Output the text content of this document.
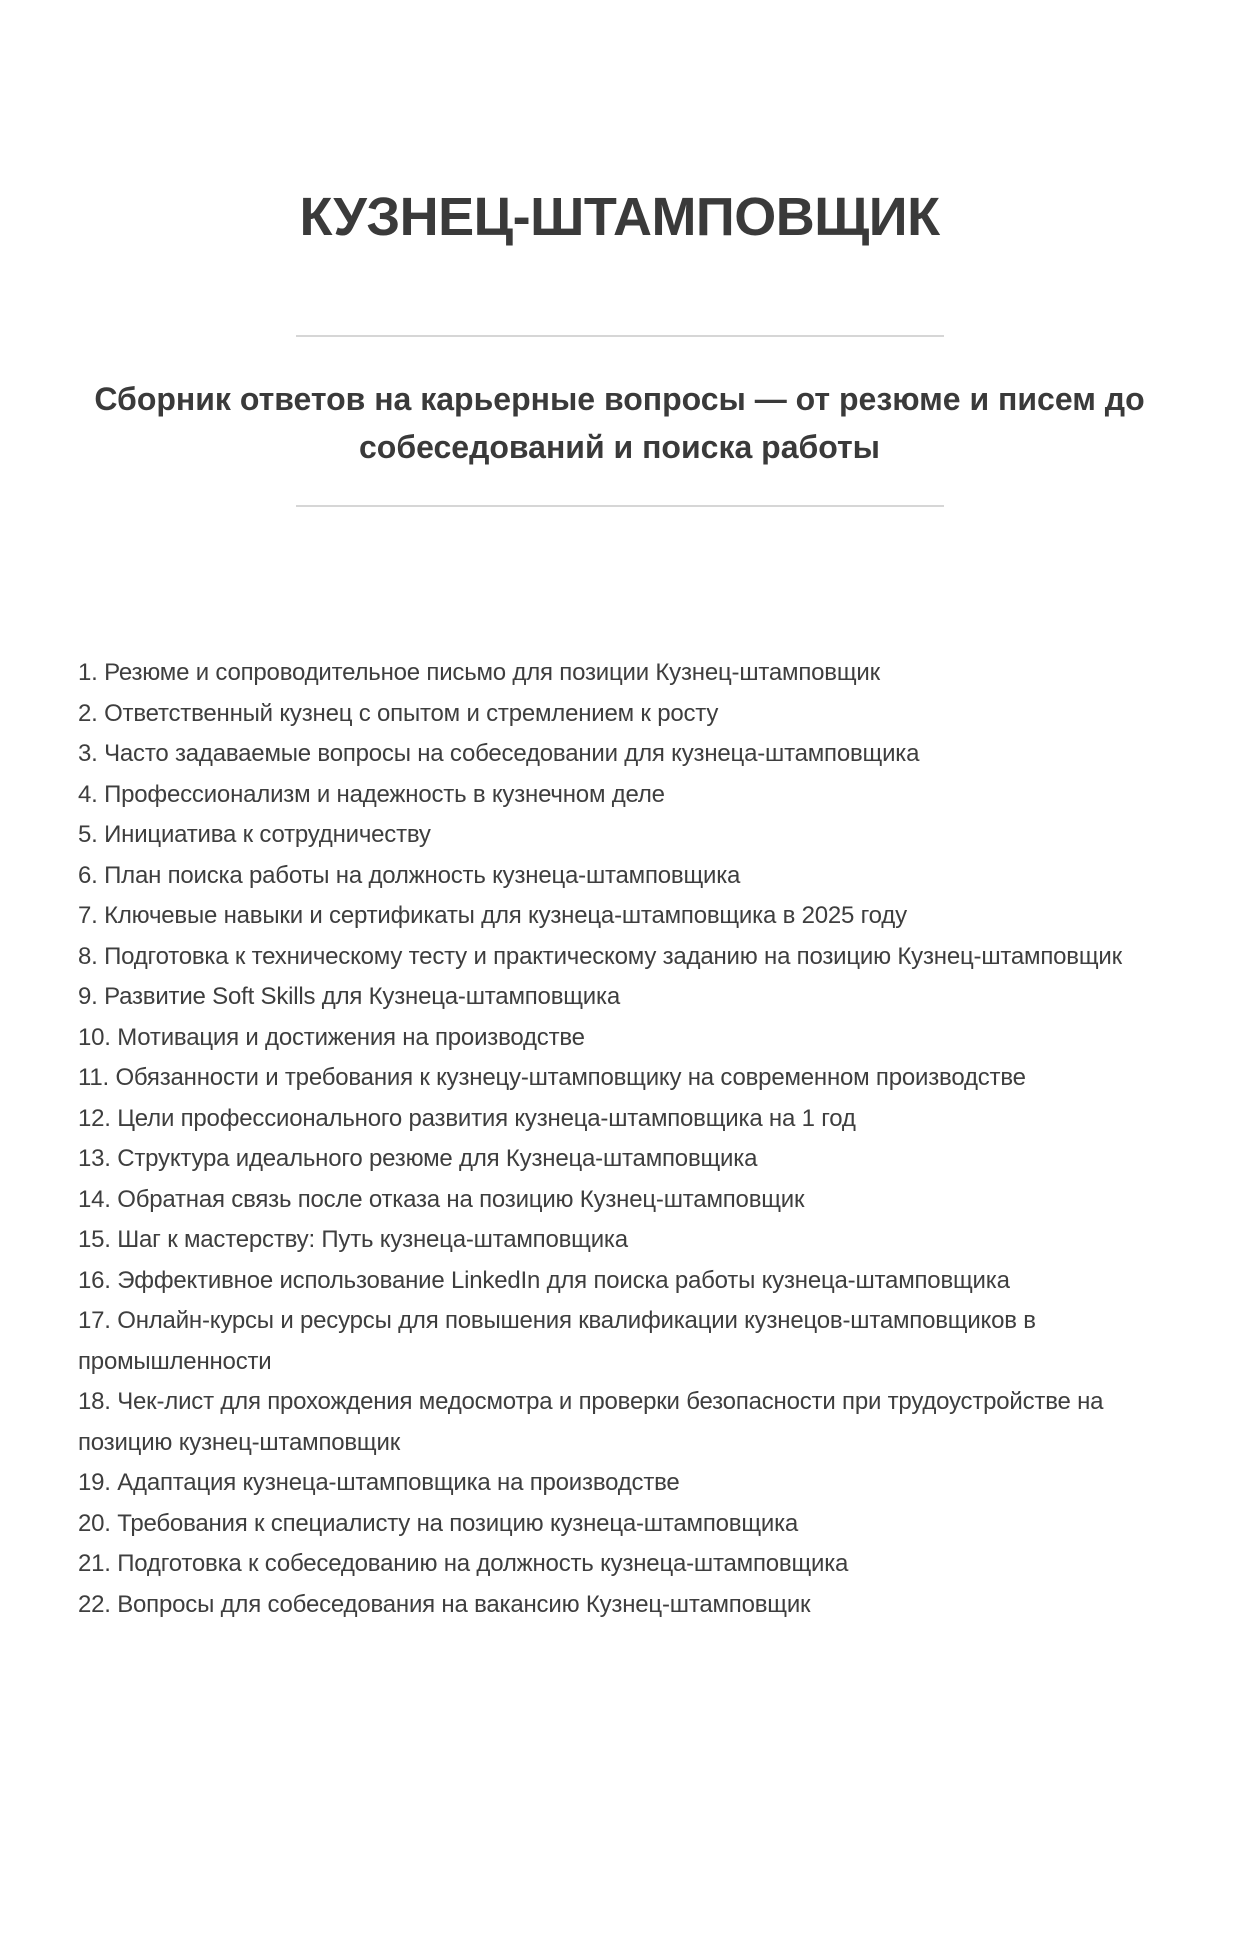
КУЗНЕЦ-ШТАМПОВЩИК
Сборник ответов на карьерные вопросы — от резюме и писем до собеседований и поиска работы
1. Резюме и сопроводительное письмо для позиции Кузнец-штамповщик
2. Ответственный кузнец с опытом и стремлением к росту
3. Часто задаваемые вопросы на собеседовании для кузнеца-штамповщика
4. Профессионализм и надежность в кузнечном деле
5. Инициатива к сотрудничеству
6. План поиска работы на должность кузнеца-штамповщика
7. Ключевые навыки и сертификаты для кузнеца-штамповщика в 2025 году
8. Подготовка к техническому тесту и практическому заданию на позицию Кузнец-штамповщик
9. Развитие Soft Skills для Кузнеца-штамповщика
10. Мотивация и достижения на производстве
11. Обязанности и требования к кузнецу-штамповщику на современном производстве
12. Цели профессионального развития кузнеца-штамповщика на 1 год
13. Структура идеального резюме для Кузнеца-штамповщика
14. Обратная связь после отказа на позицию Кузнец-штамповщик
15. Шаг к мастерству: Путь кузнеца-штамповщика
16. Эффективное использование LinkedIn для поиска работы кузнеца-штамповщика
17. Онлайн-курсы и ресурсы для повышения квалификации кузнецов-штамповщиков в промышленности
18. Чек-лист для прохождения медосмотра и проверки безопасности при трудоустройстве на позицию кузнец-штамповщик
19. Адаптация кузнеца-штамповщика на производстве
20. Требования к специалисту на позицию кузнеца-штамповщика
21. Подготовка к собеседованию на должность кузнеца-штамповщика
22. Вопросы для собеседования на вакансию Кузнец-штамповщик
